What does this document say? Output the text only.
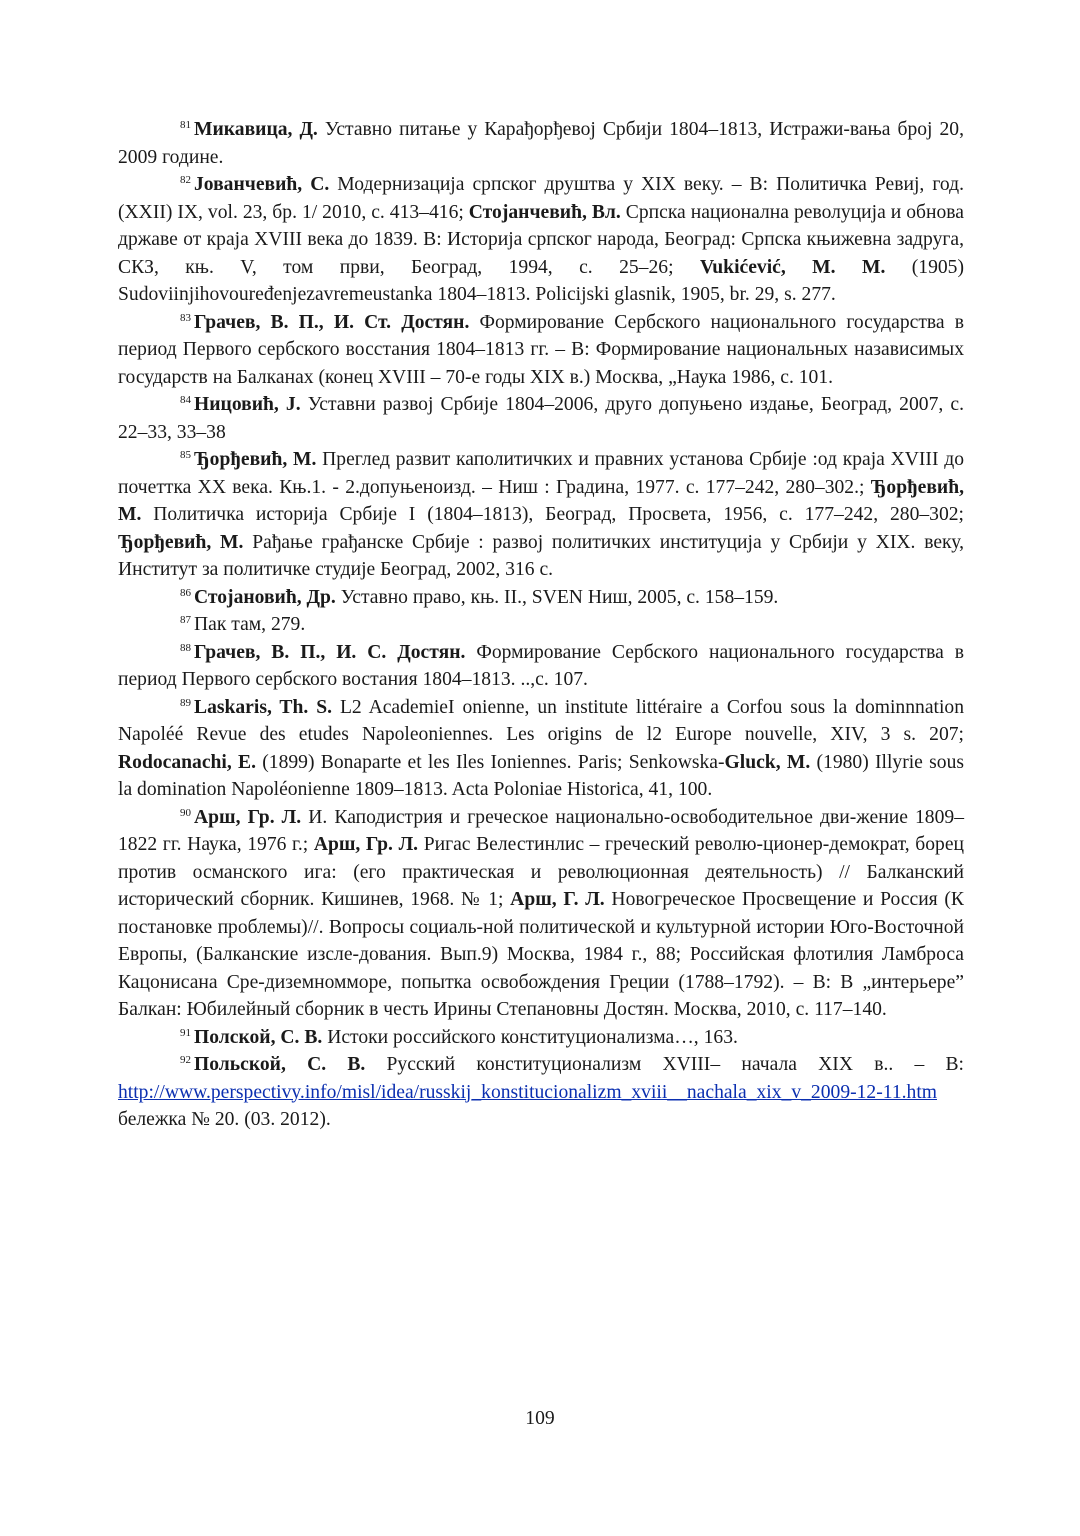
$^{81}$ Микавица, Д. Уставно питање у Карађорђевој Србији 1804–1813, Истражи-вања број 20, 2009 године.

$^{82}$ Јованчевић, С. Модернизација српског друштва у XIX веку. – В: Политичка Ревиј, год. (XXII) IX, vol. 23, бр. 1/ 2010, с. 413–416; Стојанчевић, Вл. Српска национална револуција и обнова државе от краја XVIII века до 1839. В: Историја српског народа, Београд: Српска књижевна задруга, СКЗ, књ. V, том први, Београд, 1994, с. 25–26; Vukićević, M. M. (1905) Sudoviinjihovouređenjezavremeustanka 1804–1813. Policijski glasnik, 1905, br. 29, s. 277.

$^{83}$ Грачев, В. П., И. Ст. Достян. Формирование Сербского национального государства в период Первого сербского восстания 1804–1813 гг. – В: Формирование национальных назависимых государств на Балканах (конец XVIII – 70-е годы XIX в.) Москва, „Наука 1986, с. 101.

$^{84}$ Ницовић, Ј. Уставни развој Србије 1804–2006, друго допуњено издање, Београд, 2007, с. 22–33, 33–38

$^{85}$ Ђорђевић, М. Преглед развит каполитичких и правних установа Србије :од краја XVIII до почеттка XX века. Књ.1. - 2.допуњеноизд. – Ниш : Градина, 1977. с. 177–242, 280–302.; Ђорђевић, М. Политичка историја Србије I (1804–1813), Београд, Просвета, 1956, с. 177–242, 280–302; Ђорђевић, М. Рађање грађанске Србије : развој политичких институција у Србији у XIX. веку, Институт за политичке студије Београд, 2002, 316 с.

$^{86}$ Стојановић, Др. Уставно право, књ. II., SVEN Ниш, 2005, с. 158–159.

$^{87}$ Пак там, 279.

$^{88}$ Грачев, В. П., И. С. Достян. Формирование Сербского национального государства в период Первого сербского востания 1804–1813. ..,с. 107.

$^{89}$ Laskaris, Th. S. L2 AcademieI onienne, un institute littéraire a Corfou sous la dominnnation Napoléé Revue des etudes Napoleoniennes. Les origins de l2 Europe nouvelle, XIV, 3 s. 207; Rodocanachi, E. (1899) Bonaparte et les Iles Ioniennes. Paris; Senkowska-Gluck, M. (1980) Illyrie sous la domination Napoléonienne 1809–1813. Acta Poloniae Historica, 41, 100.

$^{90}$ Арш, Гр. Л. И. Каподистрия и греческое национально-освободительное дви-жение 1809–1822 гг. Наука, 1976 г.; Арш, Гр. Л. Ригас Велестинлис – греческий револю-ционер-демократ, борец против османского ига: (его практическая и революционная деятельность) // Балканский исторический сборник. Кишинев, 1968. № 1; Арш, Г. Л. Новогреческое Просвещение и Россия (К постановке проблемы)//. Вопросы социаль-ной политической и культурной истории Юго-Восточной Европы, (Балканские изсле-дования. Вып.9) Москва, 1984 г., 88; Российская флотилия Ламброса Кацонисана Сре-диземномморе, попытка освобождения Греции (1788–1792). – В: В „интерьере” Балкан: Юбилейный сборник в честь Ирины Степановны Достян. Москва, 2010, с. 117–140.

$^{91}$ Полской, С. В. Истоки российского конституционализма…, 163.

$^{92}$ Польской, С. В. Русский конституционализм XVIII– начала XIX в.. – В: http://www.perspectivy.info/misl/idea/russkij_konstitucionalizm_xviii__nachala_xix_v_2009-12-11.htm бележка № 20. (03. 2012).

109
